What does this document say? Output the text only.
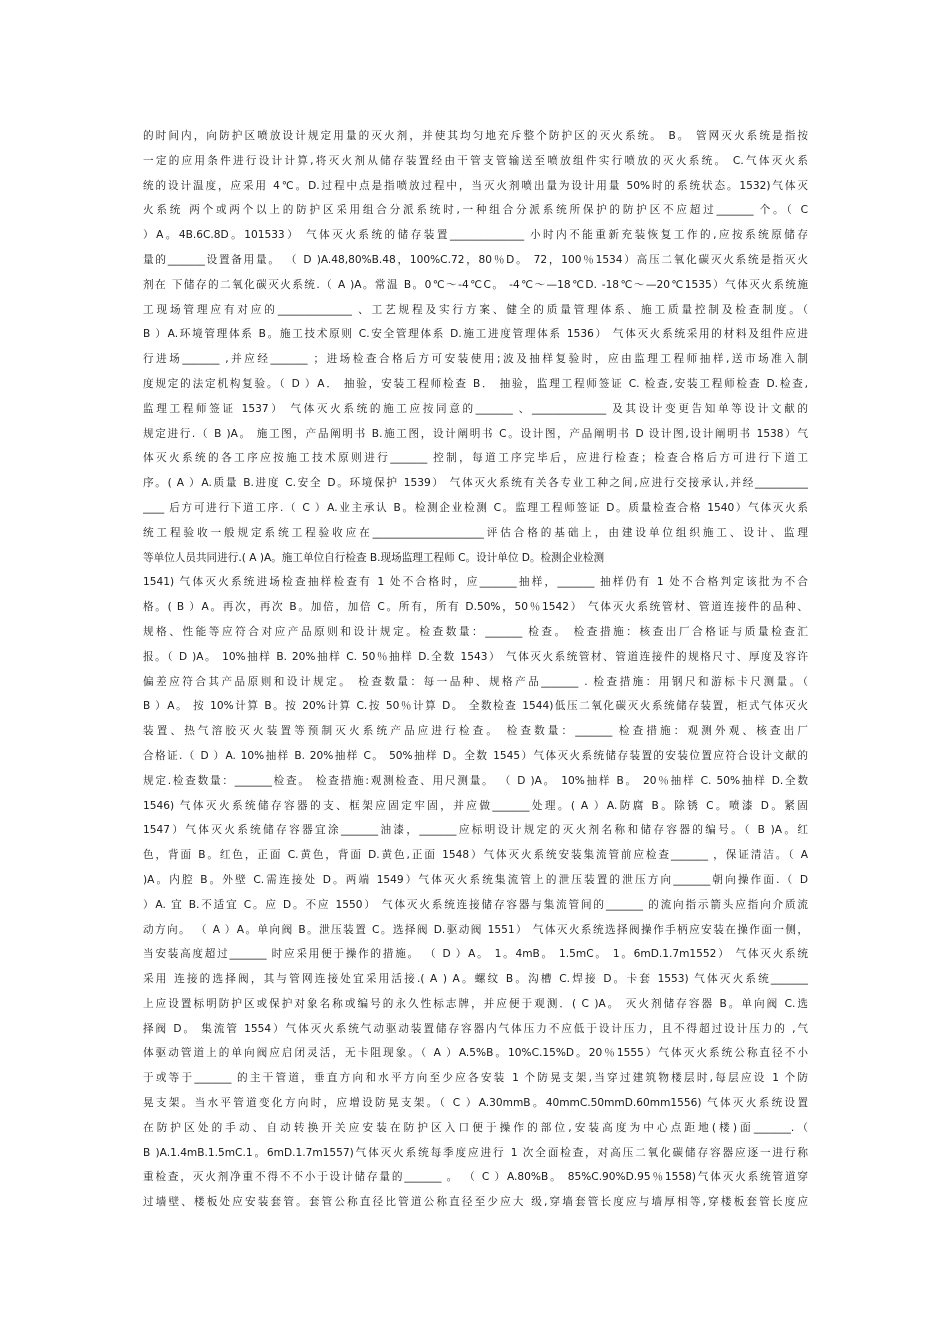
的时间内，向防护区喷放设计规定用量的灭火剂，并使其均匀地充斥整个防护区的灭火系统。 B。 管网灭火系统是指按
一定的应用条件进行设计计算,将灭火剂从储存装置经由干管支管输送至喷放组件实行喷放的灭火系统。 C.气体灭火系
统的设计温度，应采用 4℃。D.过程中点是指喷放过程中，当灭火剂喷出量为设计用量 50%时的系统状态。1532)气体灭
火系统 两个或两个以上的防护区采用组合分派系统时,一种组合分派系统所保护的防护区不应超过_______ 个。（ C
）A。4B.6C.8D。101533） 气体灭火系统的储存装置______________ 小时内不能重新充装恢复工作的,应按系统原储存
量的_______设置备用量。 （ D )A.48,80%B.48，100%C.72，80％D。 72，100％1534）高压二氧化碳灭火系统是指灭火
剂在 下储存的二氧化碳灭火系统.（ A )A。常温 B。0℃～-4℃C。 -4℃～—18℃D. -18℃～—20℃1535）气体灭火系统施
工现场管理应有对应的______________ 、工艺规程及实行方案、健全的质量管理体系、施工质量控制及检查制度。（
B ）A.环境管理体系 B。施工技术原则 C.安全管理体系 D.施工进度管理体系 1536） 气体灭火系统采用的材料及组件应进
行进场_______ ,并应经_______ ；进场检查合格后方可安装使用;波及抽样复验时，应由监理工程师抽样,送市场准入制
度规定的法定机构复验。（ D ）A． 抽验，安装工程师检查 B． 抽验，监理工程师签证 C. 检查,安装工程师检查 D.检查,
监理工程师签证 1537） 气体灭火系统的施工应按同意的_______ 、______________ 及其设计变更告知单等设计文献的
规定进行.（ B )A。 施工图，产品阐明书 B.施工图，设计阐明书 C。设计图，产品阐明书 D 设计图,设计阐明书 1538）气
体灭火系统的各工序应按施工技术原则进行_______ 控制，每道工序完毕后，应进行检查；检查合格后方可进行下道工
序。( A ）A.质量 B.进度 C.安全 D。环境保护 1539） 气体灭火系统有关各专业工种之间,应进行交接承认,并经__________
____ 后方可进行下道工序.（ C ）A.业主承认 B。检测企业检测 C。监理工程师签证 D。质量检查合格 1540）气体灭火系
统工程验收一般规定系统工程验收应在_____________________评估合格的基础上，由建设单位组织施工、设计、监理
等单位人员共同进行.( A )A。施工单位自行检查 B.现场监理工程师 C。设计单位 D。检测企业检测
1541) 气体灭火系统进场检查抽样检查有 1 处不合格时，应_______抽样，_______ 抽样仍有 1 处不合格判定该批为不合
格。( B ）A。再次，再次 B。加倍，加倍 C。所有，所有 D.50%，50％1542） 气体灭火系统管材、管道连接件的品种、
规格、性能等应符合对应产品原则和设计规定。检查数量：_______ 检查。 检查措施：核查出厂合格证与质量检查汇
报。（ D )A。 10%抽样 B. 20%抽样 C. 50％抽样 D.全数 1543） 气体灭火系统管材、管道连接件的规格尺寸、厚度及容许
偏差应符合其产品原则和设计规定。 检查数量：每一品种、规格产品_______ . 检查措施：用钢尺和游标卡尺测量。（
B ）A。 按 10%计算 B。按 20%计算 C.按 50％计算 D。 全数检查 1544)低压二氧化碳灭火系统储存装置，柜式气体灭火
装置、热气溶胶灭火装置等预制灭火系统产品应进行检查。 检查数量：_______ 检查措施：观测外观、核查出厂
合格证.（ D ）A. 10%抽样 B. 20%抽样 C。 50%抽样 D。全数 1545）气体灭火系统储存装置的安装位置应符合设计文献的
规定.检查数量：_______检查。 检查措施:观测检查、用尺测量。 （ D )A。 10%抽样 B。 20％抽样 C. 50%抽样 D.全数
1546) 气体灭火系统储存容器的支、框架应固定牢固，并应做_______处理。( A ）A.防腐 B。除锈 C。喷漆 D。紧固
1547）气体灭火系统储存容器宜涂_______油漆，_______应标明设计规定的灭火剂名称和储存容器的编号。（ B )A。红
色，背面 B。红色，正面 C.黄色，背面 D.黄色,正面 1548）气体灭火系统安装集流管前应检查_______ ，保证清洁。（ A
)A。内腔 B。外壁 C.需连接处 D。两端 1549）气体灭火系统集流管上的泄压装置的泄压方向_______朝向操作面.（ D
）A. 宜 B.不适宜 C。应 D。不应 1550） 气体灭火系统连接储存容器与集流管间的_______ 的流向指示箭头应指向介质流
动方向。 （ A ）A。单向阀 B。泄压装置 C。选择阀 D.驱动阀 1551） 气体灭火系统选择阀操作手柄应安装在操作面一侧，
当安装高度超过_______ 时应采用便于操作的措施。 （ D ）A。 1。4mB。 1.5mC。 1。6mD.1.7m1552） 气体灭火系统
采用 连接的选择阀，其与管网连接处宜采用活接.( A ) A。螺纹 B。沟槽 C.焊接 D。卡套 1553) 气体灭火系统_______
上应设置标明防护区或保护对象名称或编号的永久性标志牌，并应便于观测．( C )A。 灭火剂储存容器 B。单向阀 C.选
择阀 D。 集流管 1554）气体灭火系统气动驱动装置储存容器内气体压力不应低于设计压力，且不得超过设计压力的 ,气
体驱动管道上的单向阀应启闭灵活，无卡阻现象。（ A ）A.5%B。10%C.15%D。20％1555）气体灭火系统公称直径不小
于或等于_______ 的主干管道，垂直方向和水平方向至少应各安装 1 个防晃支架,当穿过建筑物楼层时,每层应设 1 个防
晃支架。当水平管道变化方向时，应增设防晃支架。（ C ）A.30mmB。40mmC.50mmD.60mm1556) 气体灭火系统设置
在防护区处的手动、自动转换开关应安装在防护区入口便于操作的部位,安装高度为中心点距地(楼)面_______.（
B )A.1.4mB.1.5mC.1。6mD.1.7m1557)气体灭火系统每季度应进行 1 次全面检查，对高压二氧化碳储存容器应逐一进行称
重检查，灭火剂净重不得不不小于设计储存量的_______ 。 （ C ）A.80%B。 85%C.90%D.95％1558)气体灭火系统管道穿
过墙壁、楼板处应安装套管。套管公称直径比管道公称直径至少应大 级,穿墙套管长度应与墙厚相等,穿楼板套管长度应
